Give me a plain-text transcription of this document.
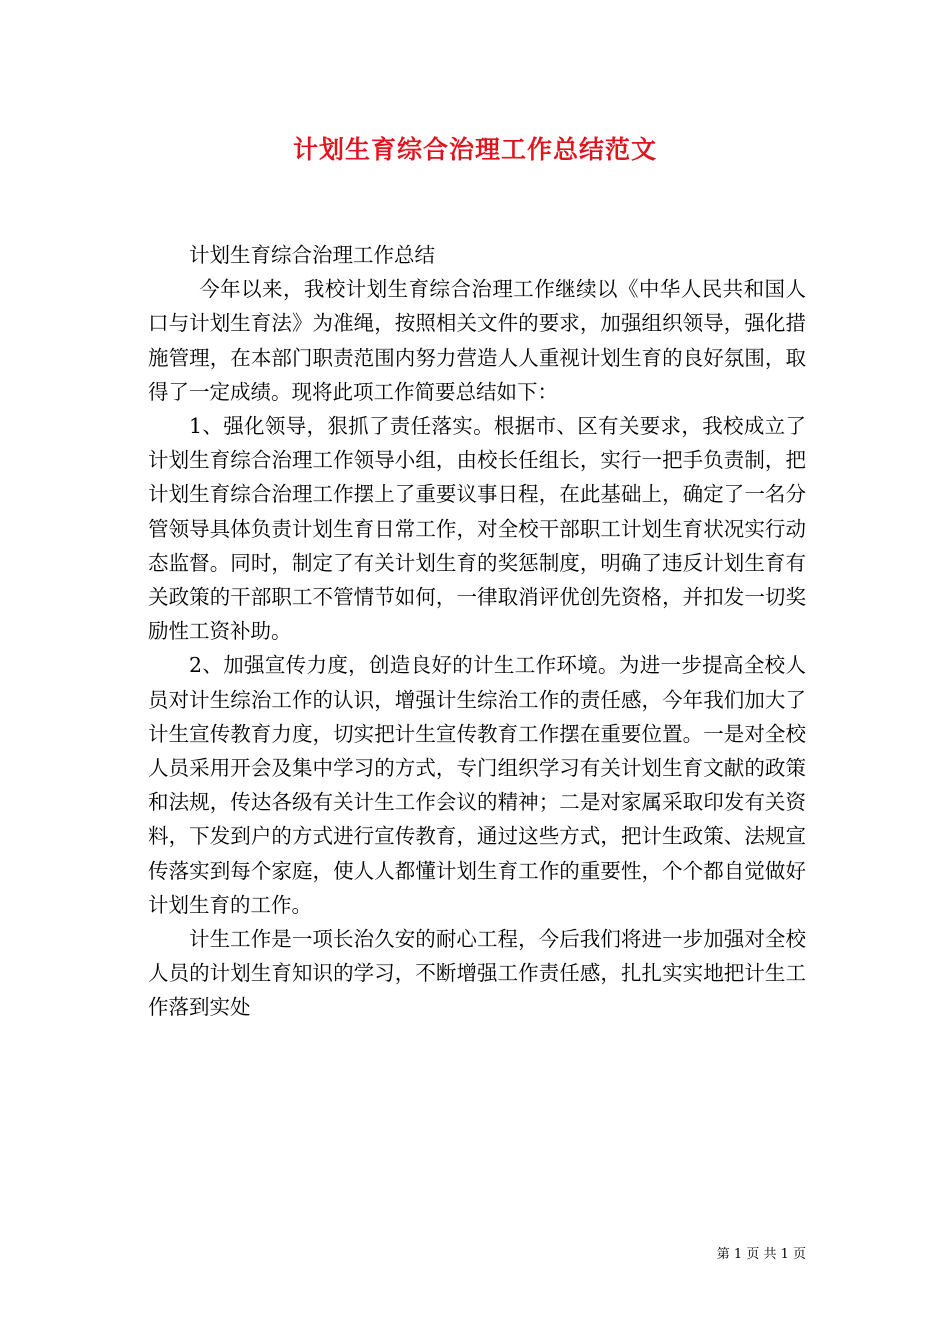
计划生育综合治理工作总结范文

计划生育综合治理工作总结

今年以来，我校计划生育综合治理工作继续以《中华人民共和国人口与计划生育法》为准绳，按照相关文件的要求，加强组织领导，强化措施管理，在本部门职责范围内努力营造人人重视计划生育的良好氛围，取得了一定成绩。现将此项工作简要总结如下：

1、强化领导，狠抓了责任落实。根据市、区有关要求，我校成立了计划生育综合治理工作领导小组，由校长任组长，实行一把手负责制，把计划生育综合治理工作摆上了重要议事日程，在此基础上，确定了一名分管领导具体负责计划生育日常工作，对全校干部职工计划生育状况实行动态监督。同时，制定了有关计划生育的奖惩制度，明确了违反计划生育有关政策的干部职工不管情节如何，一律取消评优创先资格，并扣发一切奖励性工资补助。

2、加强宣传力度，创造良好的计生工作环境。为进一步提高全校人员对计生综治工作的认识，增强计生综治工作的责任感，今年我们加大了计生宣传教育力度，切实把计生宣传教育工作摆在重要位置。一是对全校人员采用开会及集中学习的方式，专门组织学习有关计划生育文献的政策和法规，传达各级有关计生工作会议的精神；二是对家属采取印发有关资料，下发到户的方式进行宣传教育，通过这些方式，把计生政策、法规宣传落实到每个家庭，使人人都懂计划生育工作的重要性，个个都自觉做好计划生育的工作。

计生工作是一项长治久安的耐心工程，今后我们将进一步加强对全校人员的计划生育知识的学习，不断增强工作责任感，扎扎实实地把计生工作落到实处

第 1 页 共 1 页
